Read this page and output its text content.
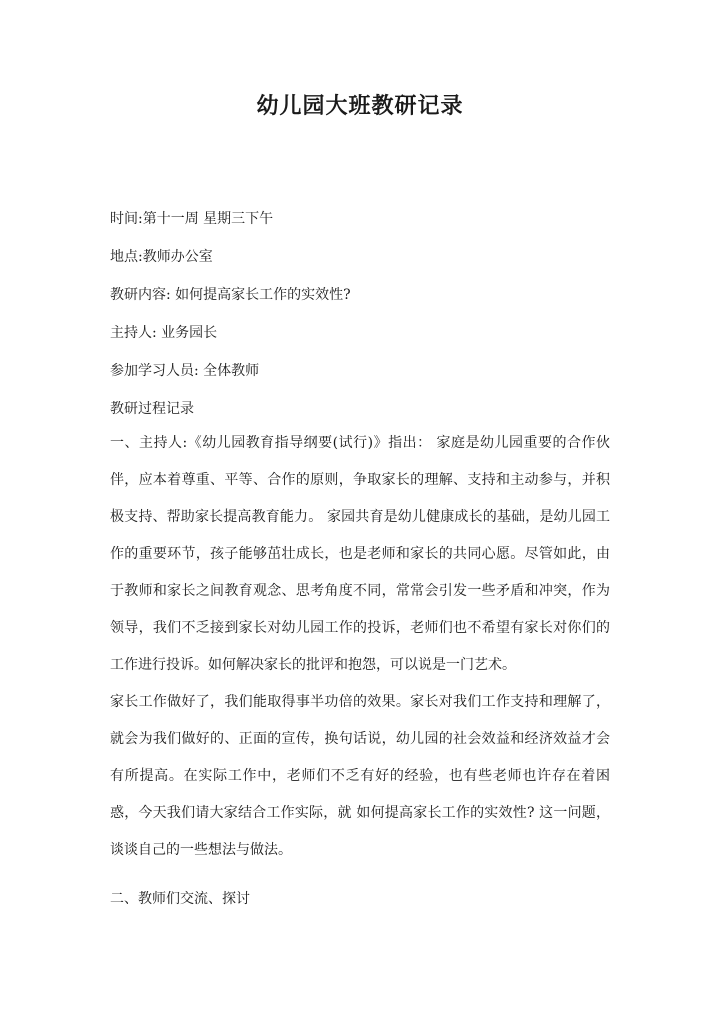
幼儿园大班教研记录

时间:第十一周 星期三下午

地点:教师办公室

教研内容: 如何提高家长工作的实效性?

主持人: 业务园长

参加学习人员: 全体教师

教研过程记录

一、主持人:《幼儿园教育指导纲要(试行)》指出： 家庭是幼儿园重要的合作伙伴，应本着尊重、平等、合作的原则，争取家长的理解、支持和主动参与，并积极支持、帮助家长提高教育能力。 家园共育是幼儿健康成长的基础，是幼儿园工作的重要环节，孩子能够茁壮成长，也是老师和家长的共同心愿。尽管如此，由于教师和家长之间教育观念、思考角度不同，常常会引发一些矛盾和冲突，作为领导，我们不乏接到家长对幼儿园工作的投诉，老师们也不希望有家长对你们的工作进行投诉。如何解决家长的批评和抱怨，可以说是一门艺术。

家长工作做好了，我们能取得事半功倍的效果。家长对我们工作支持和理解了，就会为我们做好的、正面的宣传，换句话说，幼儿园的社会效益和经济效益才会有所提高。在实际工作中，老师们不乏有好的经验，也有些老师也许存在着困惑，今天我们请大家结合工作实际，就 如何提高家长工作的实效性? 这一问题，谈谈自己的一些想法与做法。

二、教师们交流、探讨
